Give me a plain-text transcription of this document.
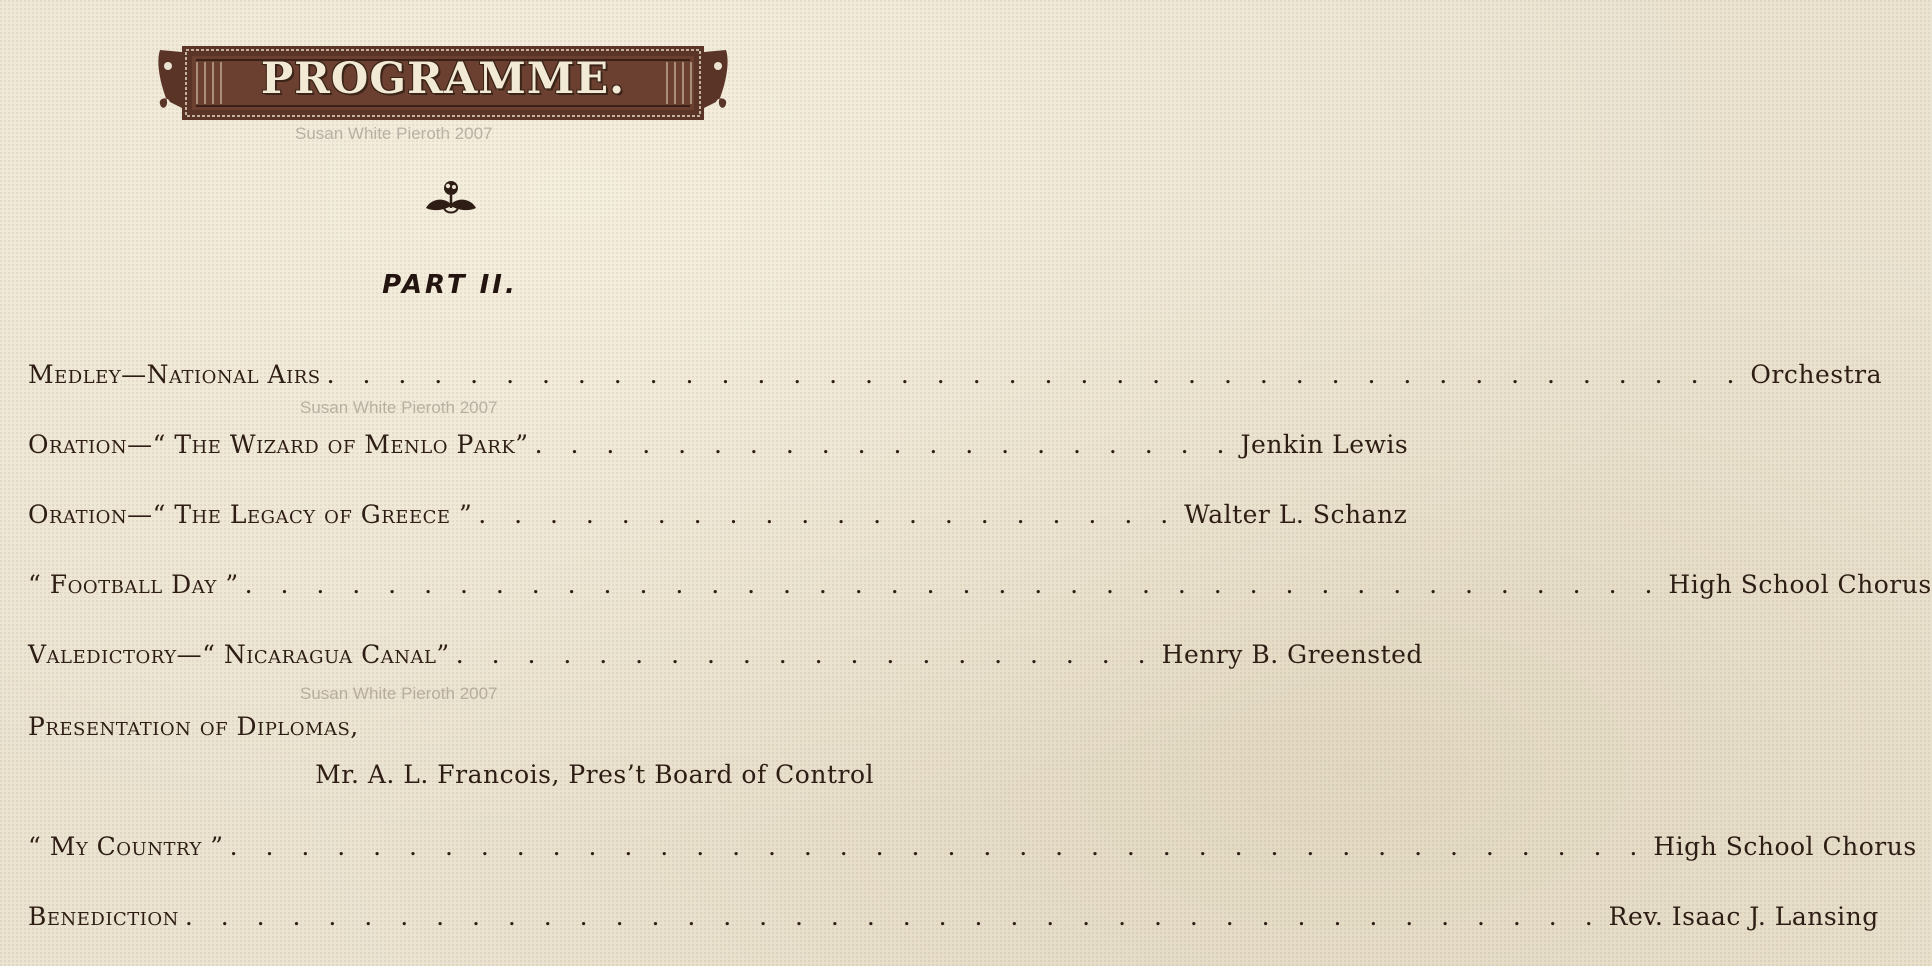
PROGRAMME.
Susan White Pieroth 2007
PART II.
Medley—National Airs . . . . . . . . . . . . . . . . . . . . . . . . . . . . . . . . . . . . . . . . Orchestra
Susan White Pieroth 2007
Oration—“ The Wizard of Menlo Park” . . . . . . . . . . . . . . . . . . . . Jenkin Lewis
Oration—“ The Legacy of Greece ” . . . . . . . . . . . . . . . . . . . . Walter L. Schanz
“ Football Day ” . . . . . . . . . . . . . . . . . . . . . . . . . . . . . . . . . . . . . . . . High School Chorus
Valedictory—“ Nicaragua Canal” . . . . . . . . . . . . . . . . . . . . Henry B. Greensted
Susan White Pieroth 2007
Presentation of Diplomas,
Mr. A. L. Francois, Pres’t Board of Control
“ My Country ” . . . . . . . . . . . . . . . . . . . . . . . . . . . . . . . . . . . . . . . . High School Chorus
Benediction . . . . . . . . . . . . . . . . . . . . . . . . . . . . . . . . . . . . . . . . Rev. Isaac J. Lansing
